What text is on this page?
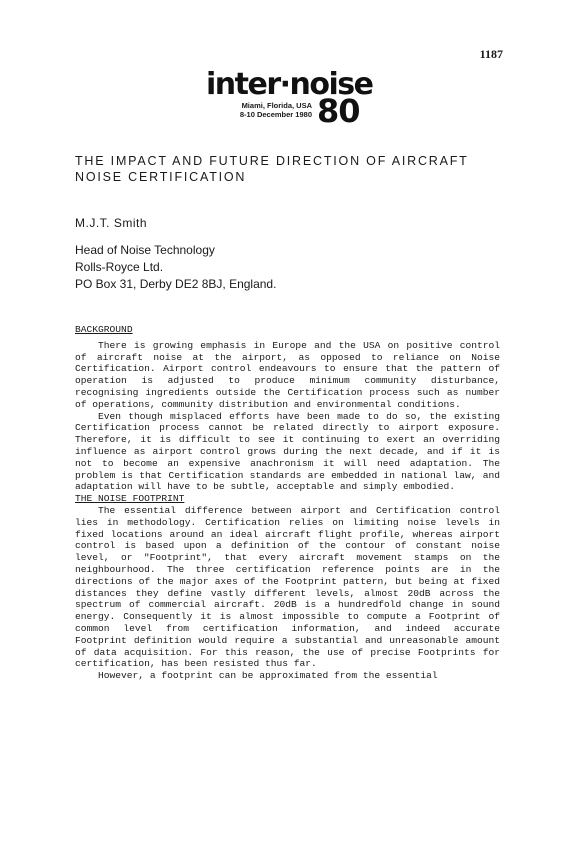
1187
inter·noise
Miami, Florida, USA
8-10 December 1980 80
THE IMPACT AND FUTURE DIRECTION OF AIRCRAFT NOISE CERTIFICATION
M.J.T. Smith
Head of Noise Technology
Rolls-Royce Ltd.
PO Box 31, Derby DE2 8BJ, England.
BACKGROUND

There is growing emphasis in Europe and the USA on positive control of aircraft noise at the airport, as opposed to reliance on Noise Certification. Airport control endeavours to ensure that the pattern of operation is adjusted to produce minimum community disturbance, recognising ingredients outside the Certification process such as number of operations, community distribution and environmental conditions.

Even though misplaced efforts have been made to do so, the existing Certification process cannot be related directly to airport exposure. Therefore, it is difficult to see it continuing to exert an overriding influence as airport control grows during the next decade, and if it is not to become an expensive anachronism it will need adaptation. The problem is that Certification standards are embedded in national law, and adaptation will have to be subtle, acceptable and simply embodied.

THE NOISE FOOTPRINT

The essential difference between airport and Certification control lies in methodology. Certification relies on limiting noise levels in fixed locations around an ideal aircraft flight profile, whereas airport control is based upon a definition of the contour of constant noise level, or "Footprint", that every aircraft movement stamps on the neighbourhood. The three certification reference points are in the directions of the major axes of the Footprint pattern, but being at fixed distances they define vastly different levels, almost 20dB across the spectrum of commercial aircraft. 20dB is a hundredfold change in sound energy. Consequently it is almost impossible to compute a Footprint of common level from certification information, and indeed accurate Footprint definition would require a substantial and unreasonable amount of data acquisition. For this reason, the use of precise Footprints for certification, has been resisted thus far.

However, a footprint can be approximated from the essential
